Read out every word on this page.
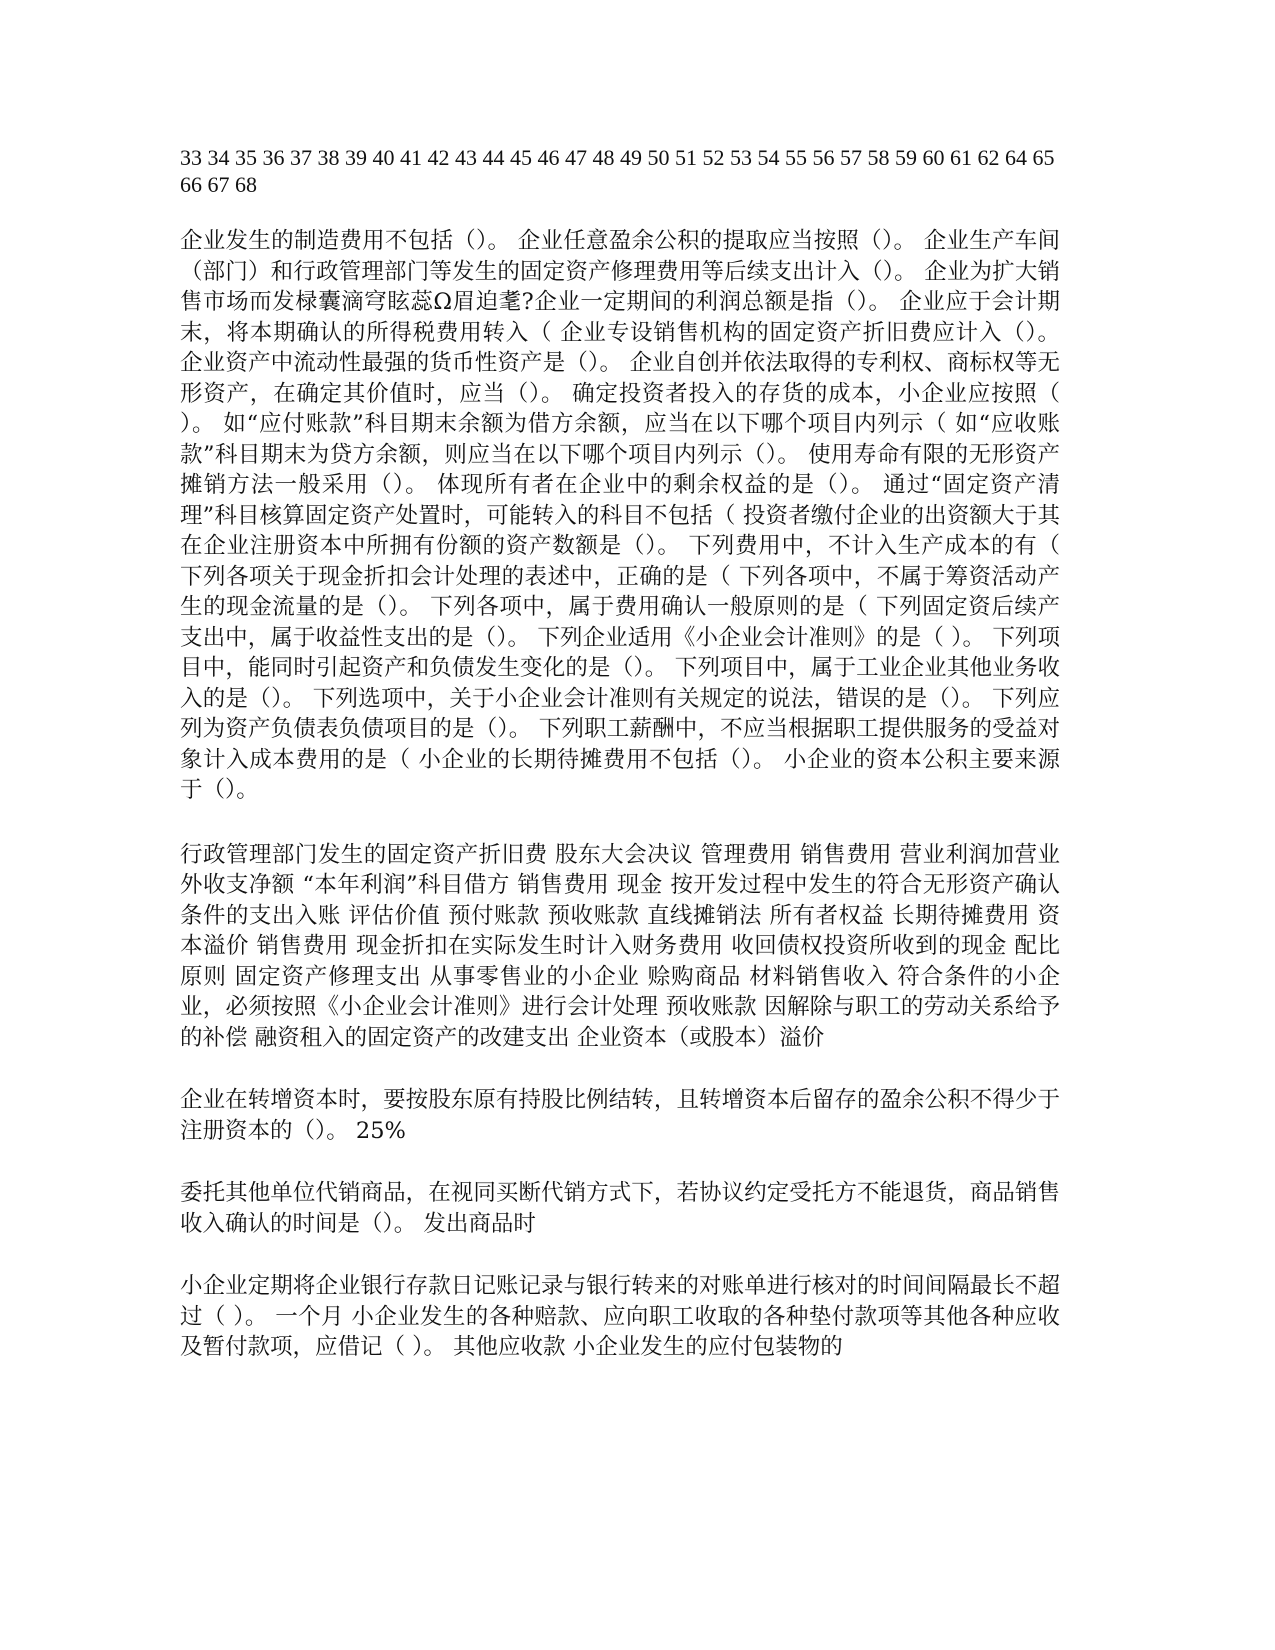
33 34 35 36 37 38 39 40 41 42 43 44 45 46 47 48 49 50 51 52 53 54 55 56 57 58 59 60 61 62 64 65 66 67 68

企业发生的制造费用不包括（）。 企业任意盈余公积的提取应当按照（）。 企业生产车间（部门）和行政管理部门等发生的固定资产修理费用等后续支出计入（）。 企业为扩大销售市场而发椂囊滴穹眩蕊Ω眉迫耄?企业一定期间的利润总额是指（）。 企业应于会计期末，将本期确认的所得税费用转入（ 企业专设销售机构的固定资产折旧费应计入（）。 企业资产中流动性最强的货币性资产是（）。 企业自创并依法取得的专利权、商标权等无形资产，在确定其价值时，应当（）。 确定投资者投入的存货的成本，小企业应按照（ ）。 如“应付账款”科目期末余额为借方余额，应当在以下哪个项目内列示（ 如“应收账款”科目期末为贷方余额，则应当在以下哪个项目内列示（）。 使用寿命有限的无形资产摊销方法一般采用（）。 体现所有者在企业中的剩余权益的是（）。 通过“固定资产清理”科目核算固定资产处置时，可能转入的科目不包括（ 投资者缴付企业的出资额大于其在企业注册资本中所拥有份额的资产数额是（）。 下列费用中，不计入生产成本的有（ 下列各项关于现金折扣会计处理的表述中，正确的是（ 下列各项中，不属于筹资活动产生的现金流量的是（）。 下列各项中，属于费用确认一般原则的是（ 下列固定资后续产支出中，属于收益性支出的是（）。 下列企业适用《小企业会计准则》的是（ ）。 下列项目中，能同时引起资产和负债发生变化的是（）。 下列项目中，属于工业企业其他业务收入的是（）。 下列选项中，关于小企业会计准则有关规定的说法，错误的是（）。 下列应列为资产负债表负债项目的是（）。 下列职工薪酬中，不应当根据职工提供服务的受益对象计入成本费用的是（ 小企业的长期待摊费用不包括（）。 小企业的资本公积主要来源于（）。

行政管理部门发生的固定资产折旧费 股东大会决议 管理费用 销售费用 营业利润加营业外收支净额 “本年利润”科目借方 销售费用 现金 按开发过程中发生的符合无形资产确认条件的支出入账 评估价值 预付账款 预收账款 直线摊销法 所有者权益 长期待摊费用 资本溢价 销售费用 现金折扣在实际发生时计入财务费用 收回债权投资所收到的现金 配比原则 固定资产修理支出 从事零售业的小企业 赊购商品 材料销售收入 符合条件的小企业，必须按照《小企业会计准则》进行会计处理 预收账款 因解除与职工的劳动关系给予的补偿 融资租入的固定资产的改建支出 企业资本（或股本）溢价

企业在转增资本时，要按股东原有持股比例结转，且转增资本后留存的盈余公积不得少于注册资本的（）。 25%

委托其他单位代销商品，在视同买断代销方式下，若协议约定受托方不能退货，商品销售收入确认的时间是（）。 发出商品时

小企业定期将企业银行存款日记账记录与银行转来的对账单进行核对的时间间隔最长不超过（ ）。 一个月 小企业发生的各种赔款、应向职工收取的各种垫付款项等其他各种应收及暂付款项，应借记（ ）。 其他应收款 小企业发生的应付包装物的
